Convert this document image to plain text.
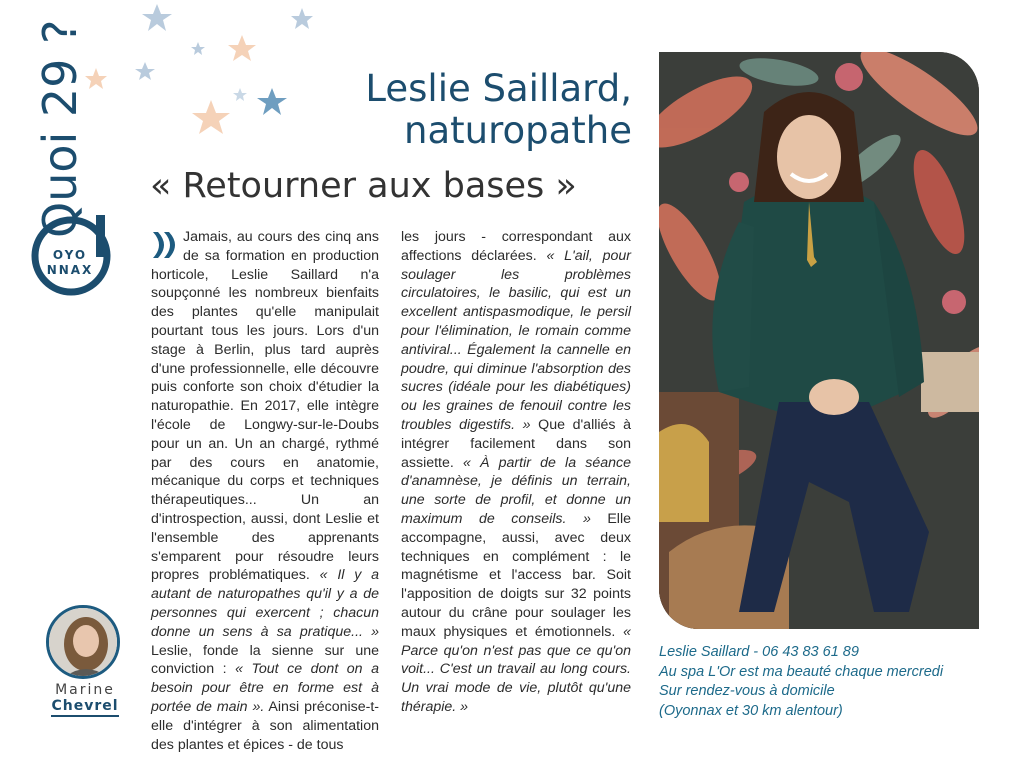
Quoi 29 ?
OYO
NNAX
Marine
Chevrel
Leslie Saillard,
naturopathe
« Retourner aux bases »

Jamais, au cours des cinq ans de sa formation en production horticole, Leslie Saillard n'a soupçonné les nombreux bienfaits des plantes qu'elle manipulait pourtant tous les jours. Lors d'un stage à Berlin, plus tard auprès d'une professionnelle, elle découvre puis conforte son choix d'étudier la naturopathie. En 2017, elle intègre l'école de Longwy-sur-le-Doubs pour un an. Un an chargé, rythmé par des cours en anatomie, mécanique du corps et techniques thérapeutiques... Un an d'introspection, aussi, dont Leslie et l'ensemble des apprenants s'emparent pour résoudre leurs propres problématiques. « Il y a autant de naturopathes qu'il y a de personnes qui exercent ; chacun donne un sens à sa pratique... » Leslie, fonde la sienne sur une conviction : « Tout ce dont on a besoin pour être en forme est à portée de main ». Ainsi préconise-t-elle d'intégrer à son alimentation des plantes et épices - de tous

les jours - correspondant aux affections déclarées. « L'ail, pour soulager les problèmes circulatoires, le basilic, qui est un excellent antispasmodique, le persil pour l'élimination, le romain comme antiviral... Également la cannelle en poudre, qui diminue l'absorption des sucres (idéale pour les diabétiques) ou les graines de fenouil contre les troubles digestifs. » Que d'alliés à intégrer facilement dans son assiette. « À partir de la séance d'anamnèse, je définis un terrain, une sorte de profil, et donne un maximum de conseils. » Elle accompagne, aussi, avec deux techniques en complément : le magnétisme et l'access bar. Soit l'apposition de doigts sur 32 points autour du crâne pour soulager les maux physiques et émotionnels. « Parce qu'on n'est pas que ce qu'on voit... C'est un travail au long cours. Un vrai mode de vie, plutôt qu'une thérapie. »

Leslie Saillard - 06 43 83 61 89
Au spa L'Or est ma beauté chaque mercredi
Sur rendez-vous à domicile
(Oyonnax et 30 km alentour)
